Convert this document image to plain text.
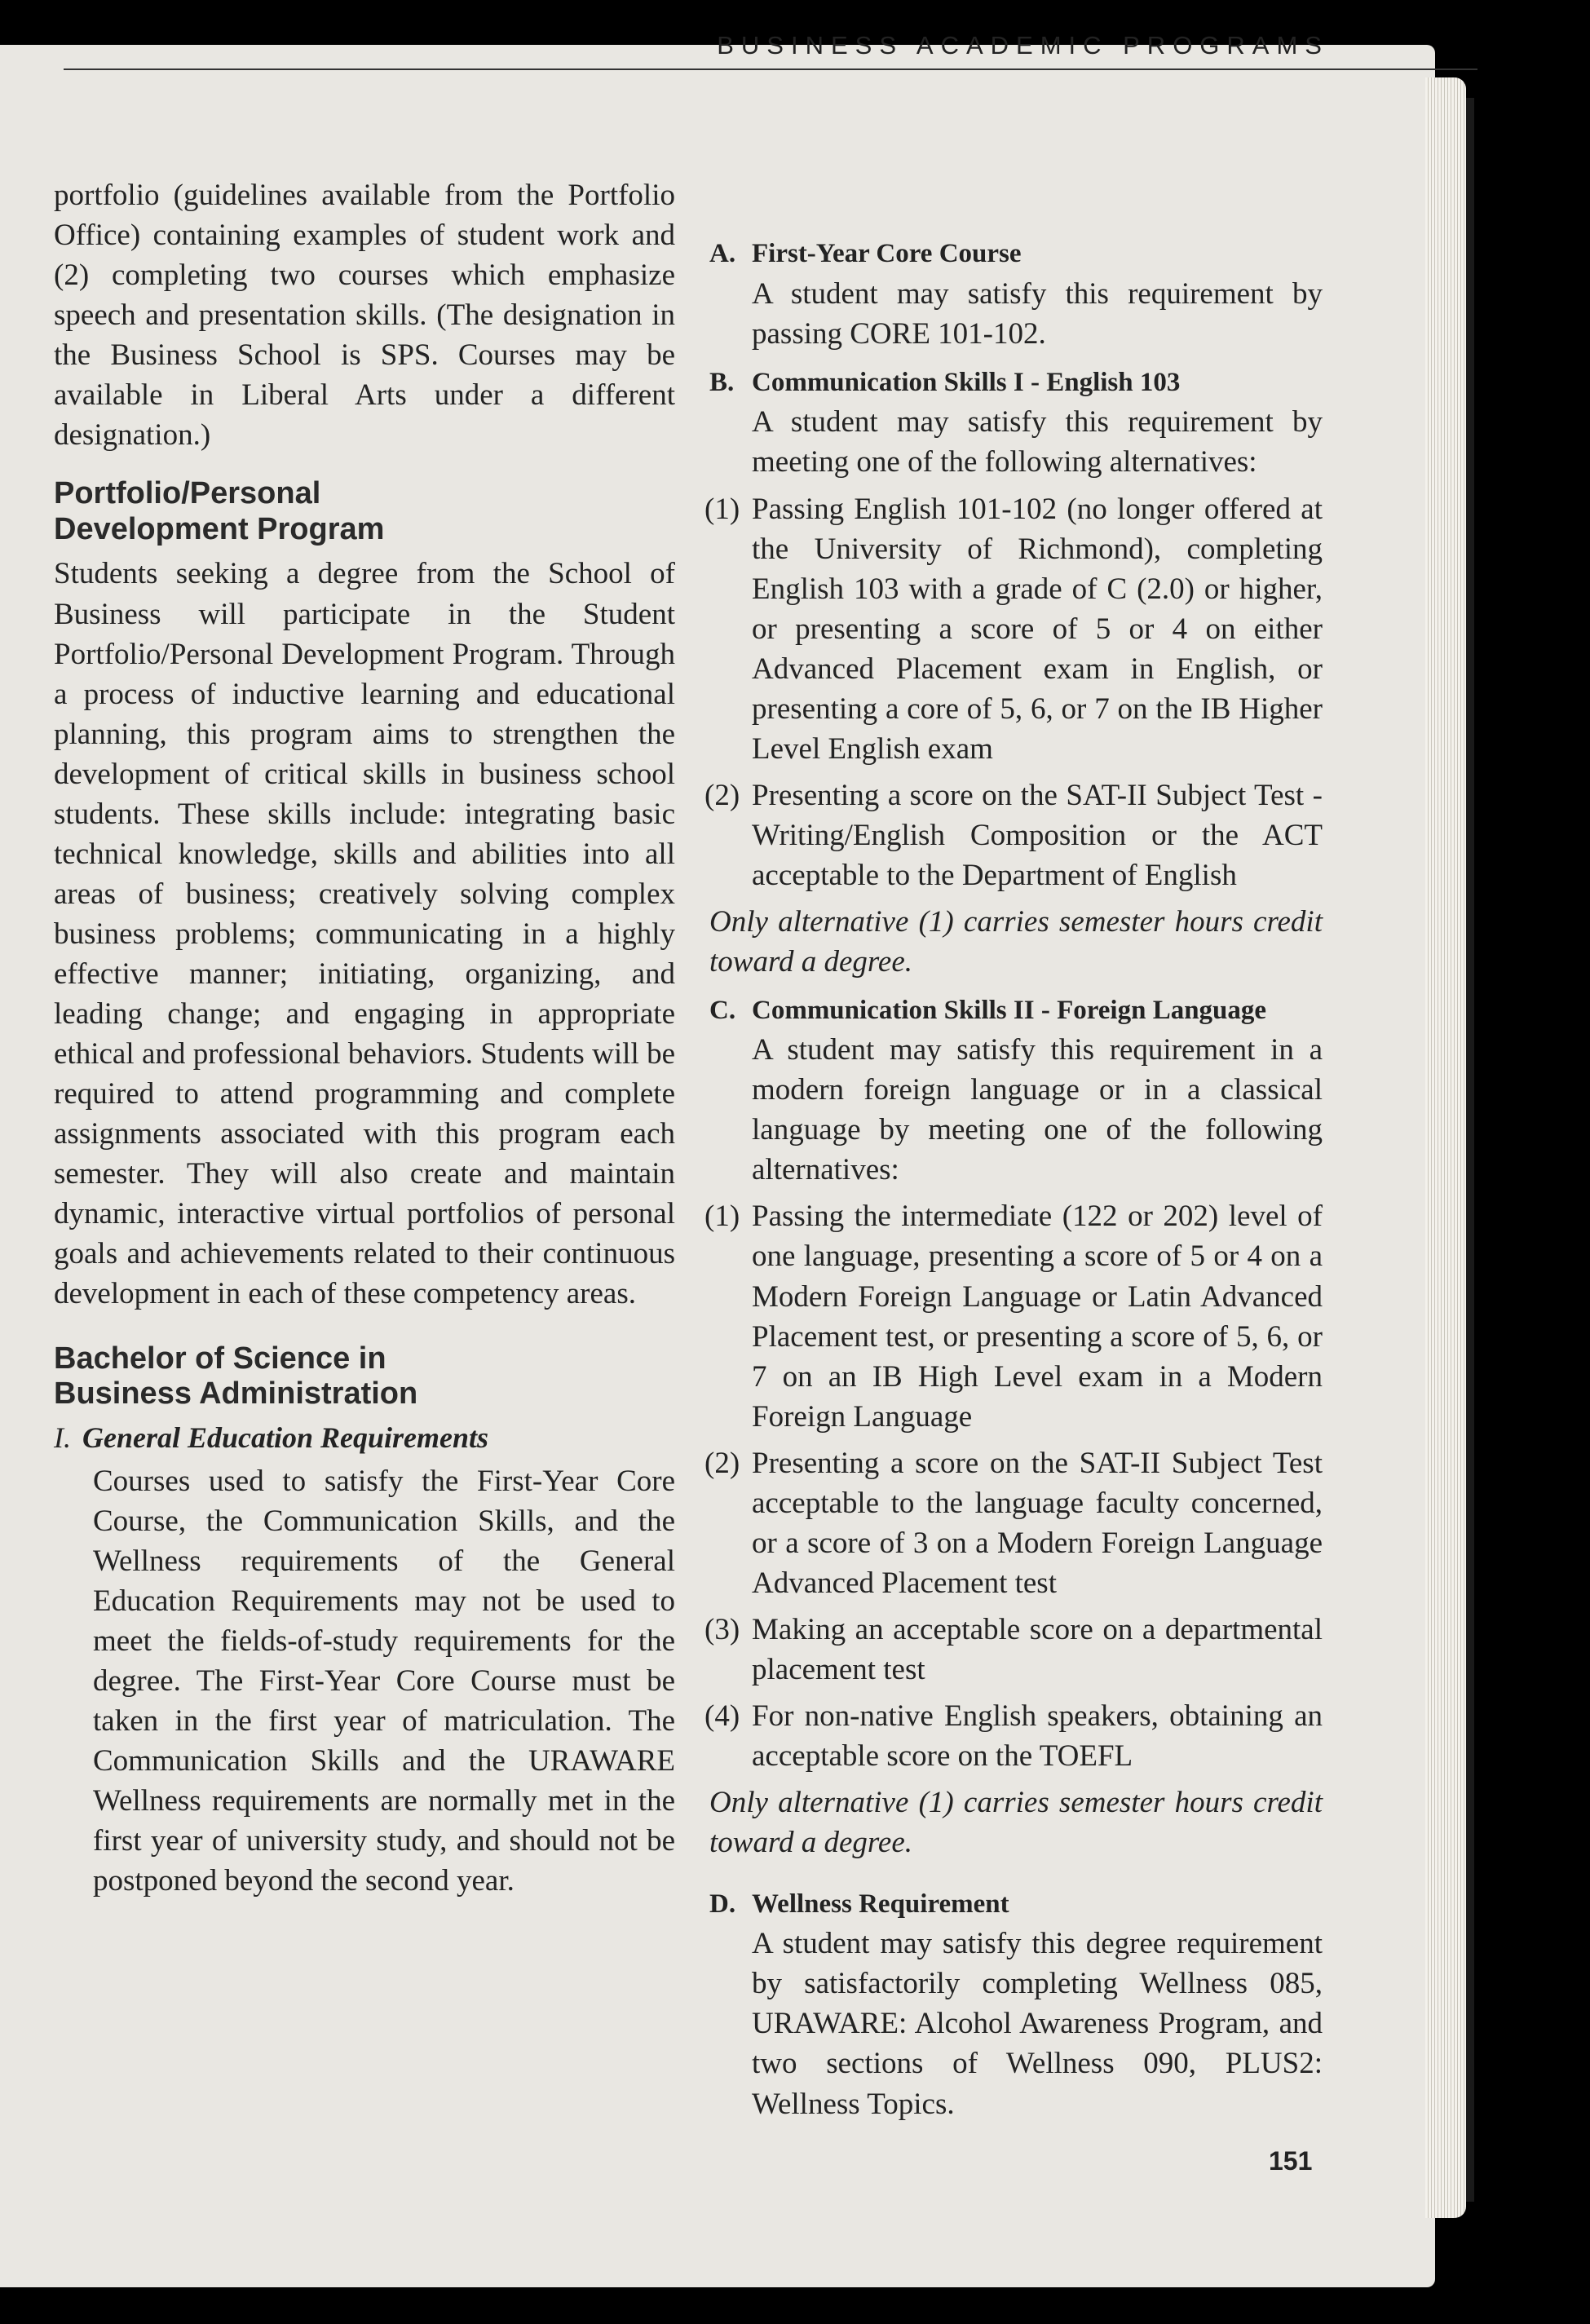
BUSINESS ACADEMIC PROGRAMS

portfolio (guidelines available from the Portfolio Office) containing examples of student work and (2) completing two courses which emphasize speech and presentation skills. (The designation in the Business School is SPS. Courses may be available in Liberal Arts under a different designation.)

Portfolio/Personal
Development Program

Students seeking a degree from the School of Business will participate in the Student Portfolio/Personal Development Program. Through a process of inductive learning and educational planning, this program aims to strengthen the development of critical skills in business school students. These skills include: integrating basic technical knowledge, skills and abilities into all areas of business; creatively solving complex business problems; communicating in a highly effective manner; initiating, organizing, and leading change; and engaging in appropriate ethical and professional behaviors. Students will be required to attend programming and complete assignments associated with this program each semester. They will also create and maintain dynamic, interactive virtual portfolios of personal goals and achievements related to their continuous development in each of these competency areas.

Bachelor of Science in
Business Administration
I. General Education Requirements

Courses used to satisfy the First-Year Core Course, the Communication Skills, and the Wellness requirements of the General Education Requirements may not be used to meet the fields-of-study requirements for the degree. The First-Year Core Course must be taken in the first year of matriculation. The Communication Skills and the URAWARE Wellness requirements are normally met in the first year of university study, and should not be postponed beyond the second year.

A. First-Year Core Course

A student may satisfy this requirement by passing CORE 101-102.

B. Communication Skills I - English 103

A student may satisfy this requirement by meeting one of the following alternatives:

(1) Passing English 101-102 (no longer offered at the University of Richmond), completing English 103 with a grade of C (2.0) or higher, or presenting a score of 5 or 4 on either Advanced Placement exam in English, or presenting a core of 5, 6, or 7 on the IB Higher Level English exam
(2) Presenting a score on the SAT-II Subject Test - Writing/English Composition or the ACT acceptable to the Department of English

Only alternative (1) carries semester hours credit toward a degree.

C. Communication Skills II - Foreign Language

A student may satisfy this requirement in a modern foreign language or in a classical language by meeting one of the following alternatives:

(1) Passing the intermediate (122 or 202) level of one language, presenting a score of 5 or 4 on a Modern Foreign Language or Latin Advanced Placement test, or presenting a score of 5, 6, or 7 on an IB High Level exam in a Modern Foreign Language
(2) Presenting a score on the SAT-II Subject Test acceptable to the language faculty concerned, or a score of 3 on a Modern Foreign Language Advanced Placement test
(3) Making an acceptable score on a departmental placement test
(4) For non-native English speakers, obtaining an acceptable score on the TOEFL

Only alternative (1) carries semester hours credit toward a degree.

D. Wellness Requirement

A student may satisfy this degree requirement by satisfactorily completing Wellness 085, URAWARE: Alcohol Awareness Program, and two sections of Wellness 090, PLUS2: Wellness Topics.

151
